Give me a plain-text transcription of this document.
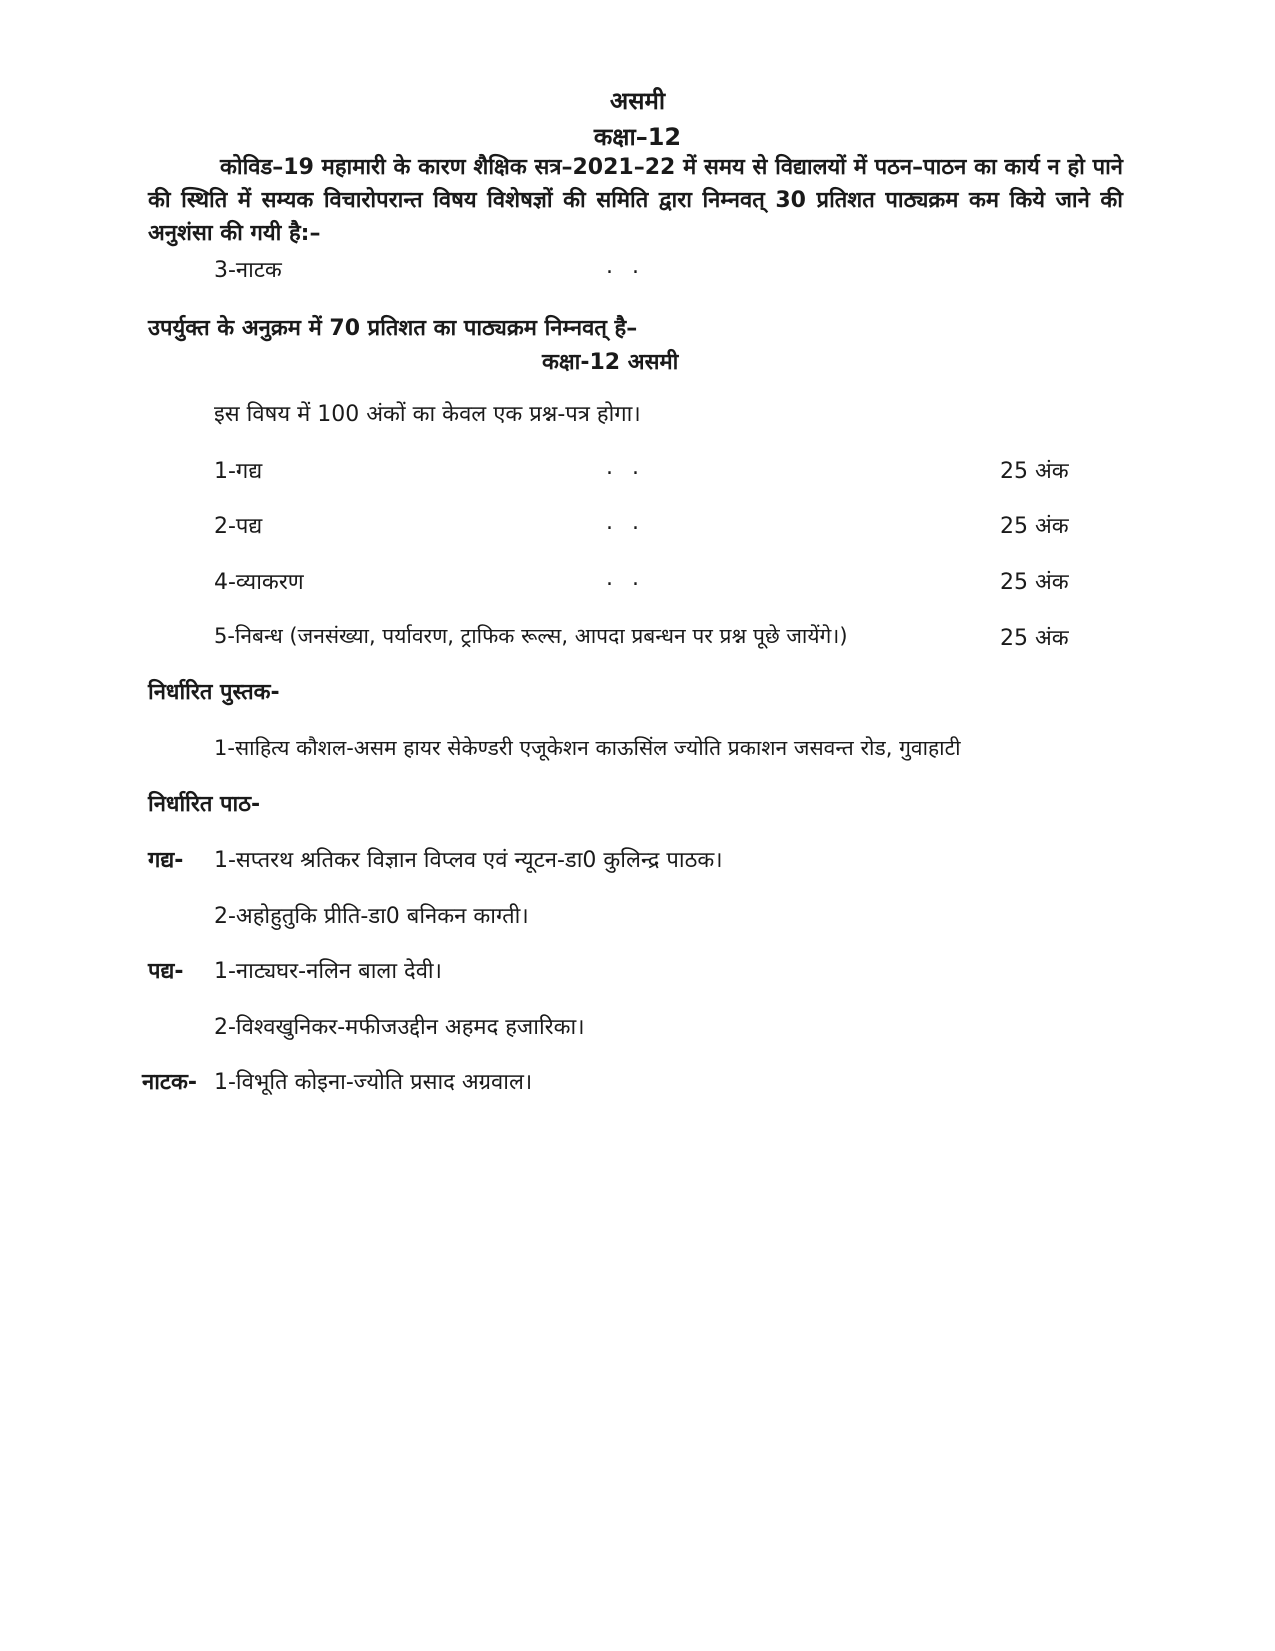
असमी
कक्षा–12
कोविड–19 महामारी के कारण शैक्षिक सत्र–2021–22 में समय से विद्यालयों में पठन–पाठन का कार्य न हो पाने की स्थिति में सम्यक विचारोपरान्त विषय विशेषज्ञों की समिति द्वारा निम्नवत् 30 प्रतिशत पाठ्यक्रम कम किये जाने की अनुशंसा की गयी है:–
3-नाटक	. .
उपर्युक्त के अनुक्रम में 70 प्रतिशत का पाठ्यक्रम निम्नवत् है–
कक्षा-12 असमी
इस विषय में 100 अंकों का केवल एक प्रश्न-पत्र होगा।
1-गद्य	. .	25 अंक
2-पद्य	. .	25 अंक
4-व्याकरण	. .	25 अंक
5-निबन्ध (जनसंख्या, पर्यावरण, ट्राफिक रूल्स, आपदा प्रबन्धन पर प्रश्न पूछे जायेंगे।)	25 अंक
निर्धारित पुस्तक-
1-साहित्य कौशल-असम हायर सेकेण्डरी एजूकेशन काऊसिंल ज्योति प्रकाशन जसवन्त रोड, गुवाहाटी
निर्धारित पाठ-
गद्य- 1-सप्तरथ श्रतिकर विज्ञान विप्लव एवं न्यूटन-डा0 कुलिन्द्र पाठक।
2-अहोहुतुकि प्रीति-डा0 बनिकन काग्ती।
पद्य- 1-नाट्यघर-नलिन बाला देवी।
2-विश्वखुनिकर-मफीजउद्दीन अहमद हजारिका।
नाटक- 1-विभूति कोइना-ज्योति प्रसाद अग्रवाल।
